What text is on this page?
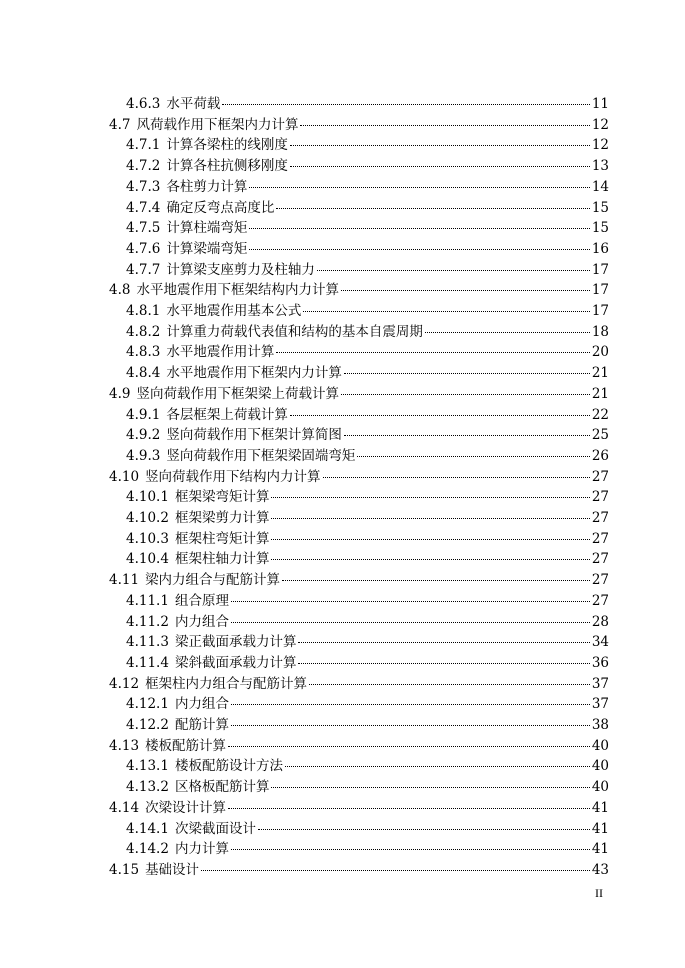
4.6.3 水平荷载	11
4.7 风荷载作用下框架内力计算	12
4.7.1 计算各梁柱的线刚度	12
4.7.2 计算各柱抗侧移刚度	13
4.7.3 各柱剪力计算	14
4.7.4 确定反弯点高度比	15
4.7.5 计算柱端弯矩	15
4.7.6 计算梁端弯矩	16
4.7.7 计算梁支座剪力及柱轴力	17
4.8 水平地震作用下框架结构内力计算	17
4.8.1 水平地震作用基本公式	17
4.8.2 计算重力荷载代表值和结构的基本自震周期	18
4.8.3 水平地震作用计算	20
4.8.4 水平地震作用下框架内力计算	21
4.9 竖向荷载作用下框架梁上荷载计算	21
4.9.1 各层框架上荷载计算	22
4.9.2 竖向荷载作用下框架计算简图	25
4.9.3 竖向荷载作用下框架梁固端弯矩	26
4.10 竖向荷载作用下结构内力计算	27
4.10.1 框架梁弯矩计算	27
4.10.2 框架梁剪力计算	27
4.10.3 框架柱弯矩计算	27
4.10.4 框架柱轴力计算	27
4.11 梁内力组合与配筋计算	27
4.11.1 组合原理	27
4.11.2 内力组合	28
4.11.3 梁正截面承载力计算	34
4.11.4 梁斜截面承载力计算	36
4.12 框架柱内力组合与配筋计算	37
4.12.1 内力组合	37
4.12.2 配筋计算	38
4.13 楼板配筋计算	40
4.13.1 楼板配筋设计方法	40
4.13.2 区格板配筋计算	40
4.14 次梁设计计算	41
4.14.1 次梁截面设计	41
4.14.2 内力计算	41
4.15 基础设计	43
II
